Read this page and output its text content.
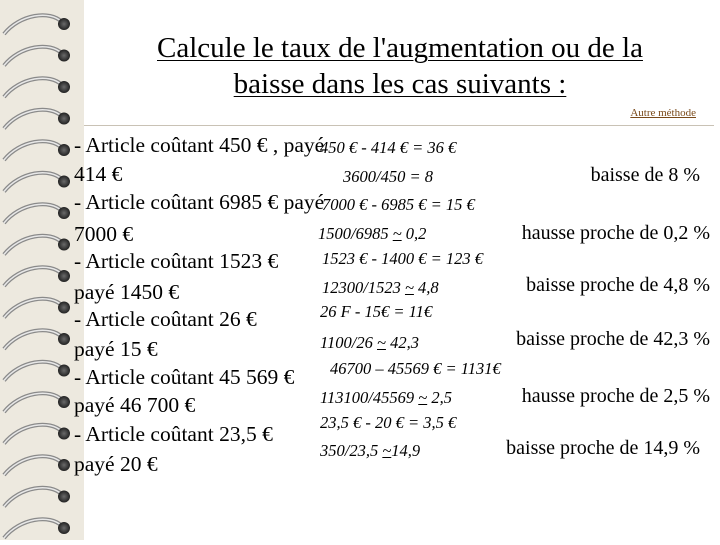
Calcule le taux de l'augmentation ou de la
baisse dans les cas suivants :
Autre méthode
- Article coûtant 450 € , payé
414 €
- Article coûtant 6985 € payé
7000 €
- Article coûtant 1523 €
payé 1450 €
- Article coûtant 26 €
payé 15 €
- Article coûtant 45 569 €
payé 46 700 €
- Article coûtant 23,5 €
payé 20 €
450 € - 414 € = 36 €
3600/450 = 8	baisse de 8 %
7000 € - 6985 € = 15 €
1500/6985 ~ 0,2	hausse proche de 0,2 %
1523 € - 1400 € = 123 €
12300/1523 ~ 4,8	baisse proche de 4,8 %
26 F - 15€ = 11€
1100/26 ~ 42,3	baisse proche de 42,3 %
46700 – 45569 € = 1131€
113100/45569 ~ 2,5	hausse proche de 2,5 %
23,5 € - 20 € = 3,5 €
350/23,5 ~14,9	baisse proche de 14,9 %
